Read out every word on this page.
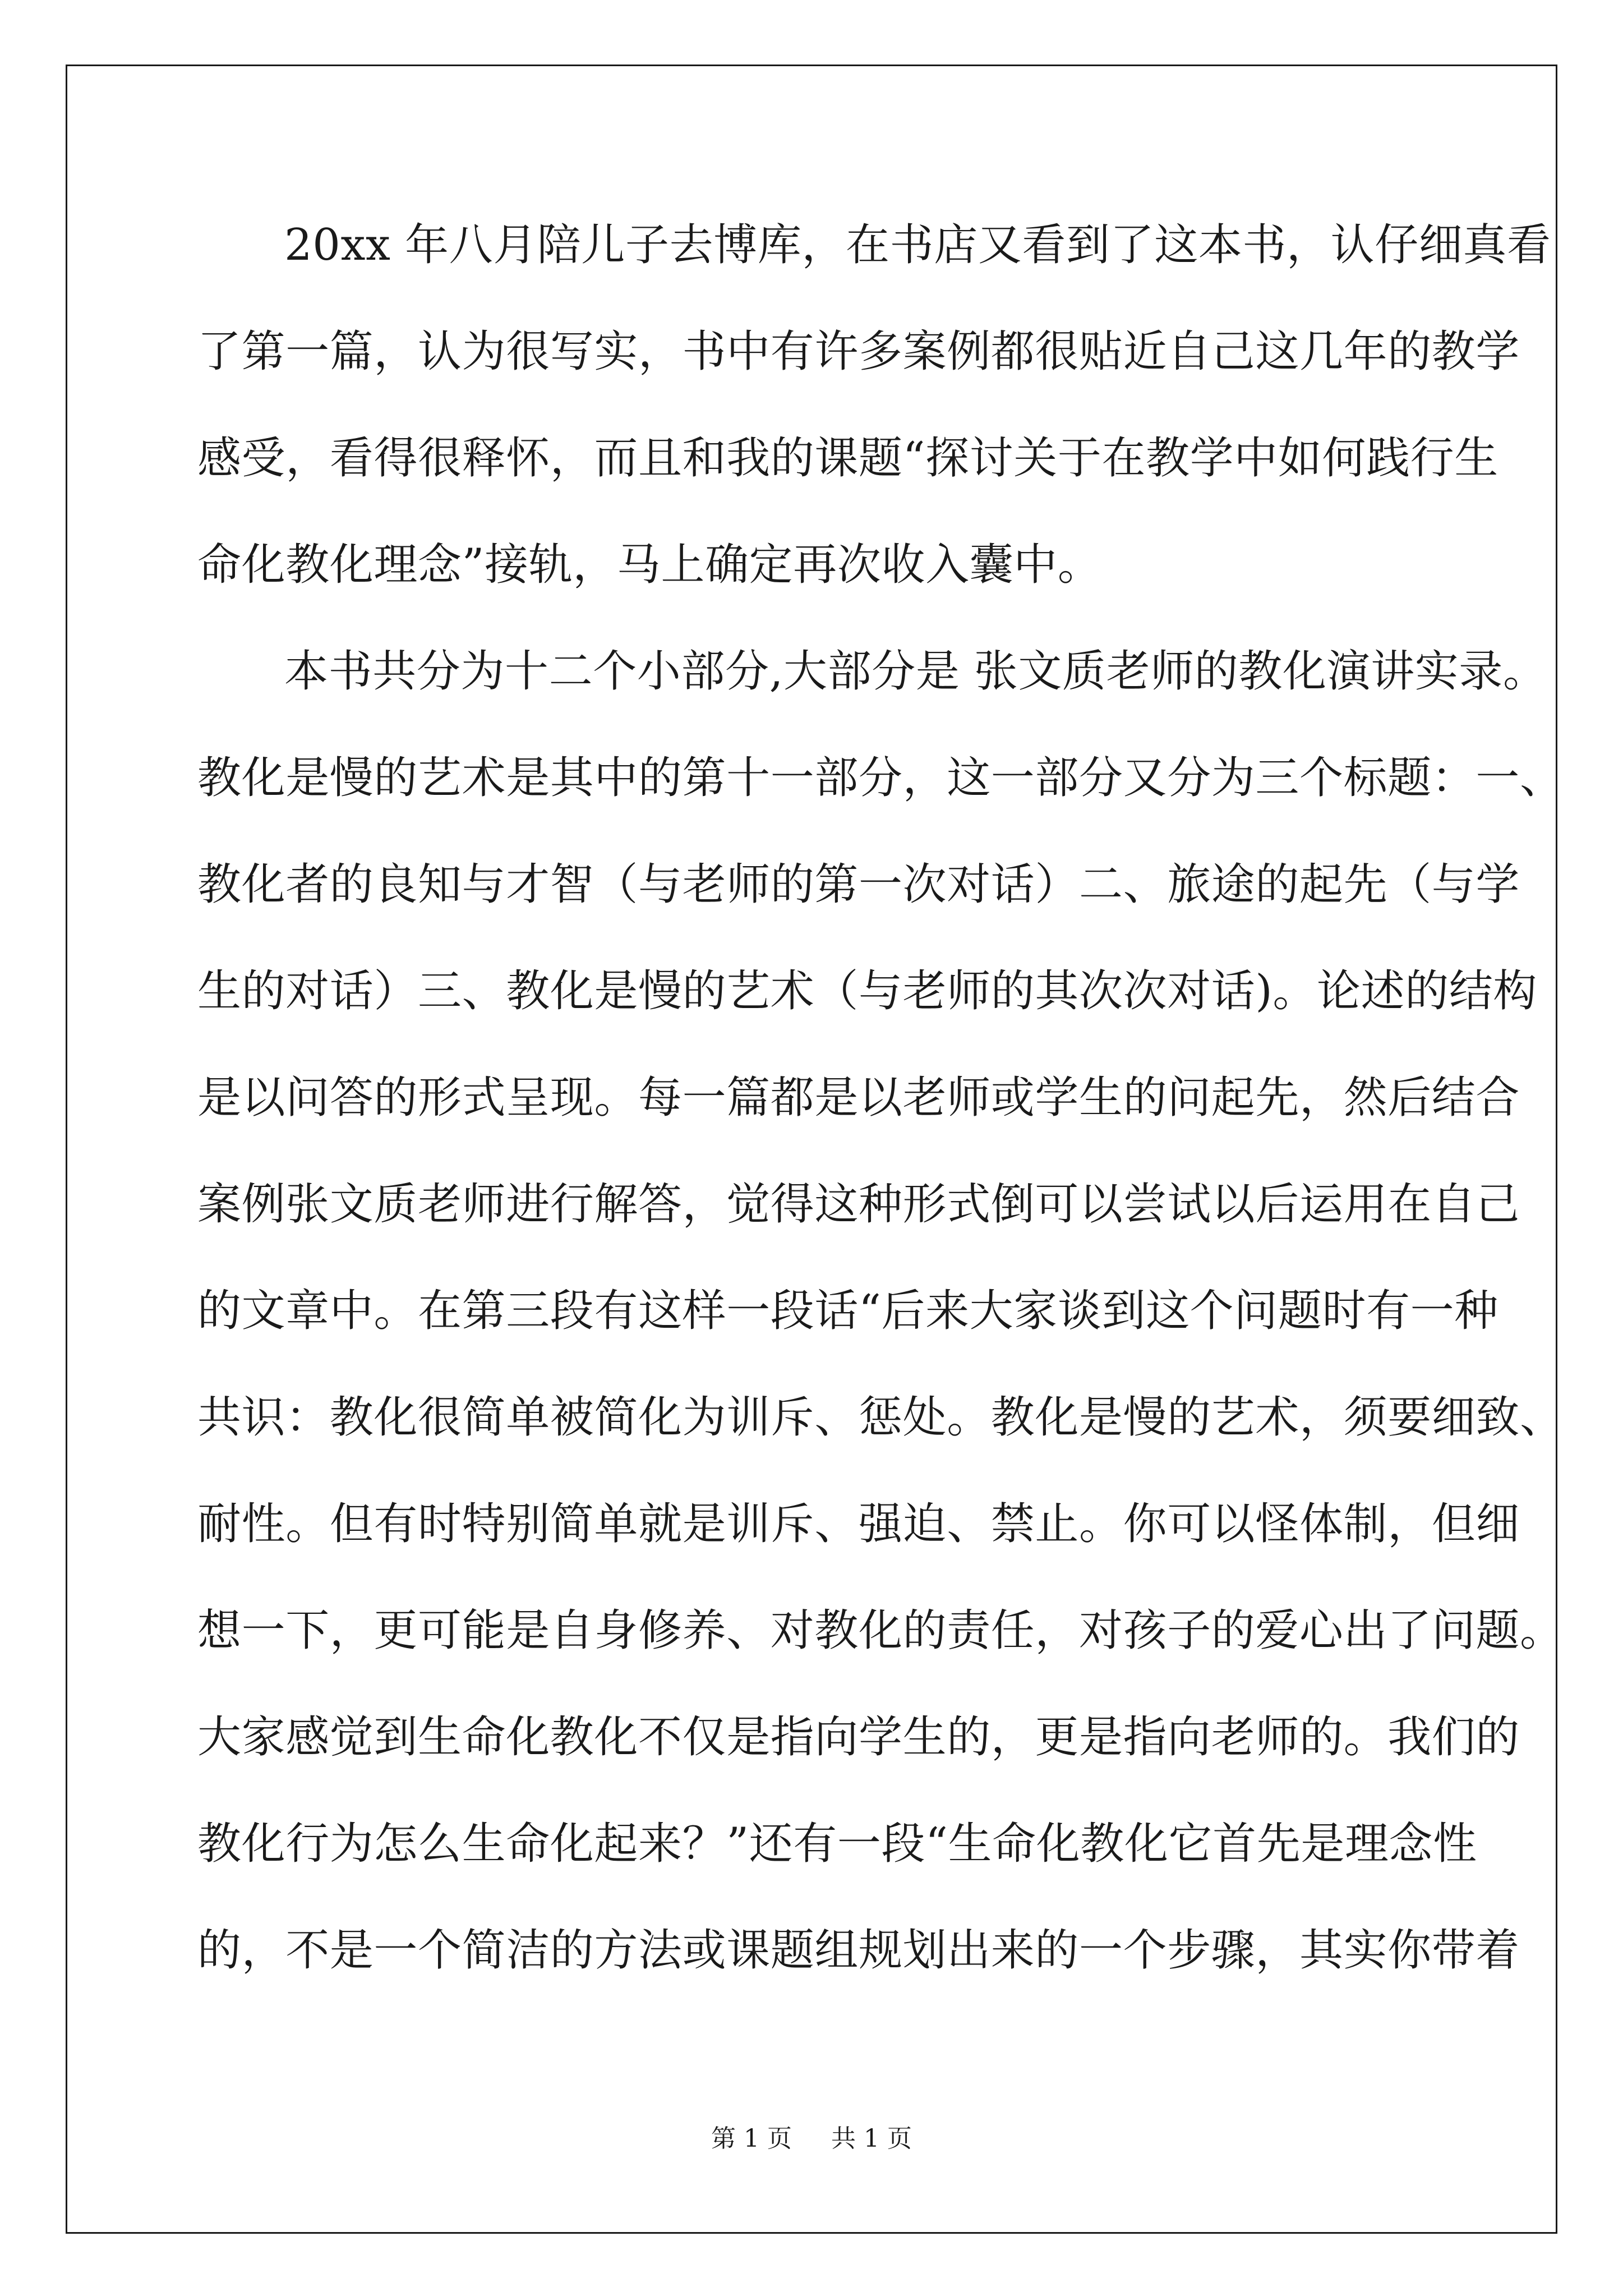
20xx 年八月陪儿子去博库，在书店又看到了这本书，认仔细真看
了第一篇，认为很写实，书中有许多案例都很贴近自己这几年的教学
感受，看得很释怀，而且和我的课题“探讨关于在教学中如何践行生
命化教化理念”接轨，马上确定再次收入囊中。
本书共分为十二个小部分,大部分是 张文质老师的教化演讲实录。
教化是慢的艺术是其中的第十一部分，这一部分又分为三个标题：一、
教化者的良知与才智（与老师的第一次对话）二、旅途的起先（与学
生的对话）三、教化是慢的艺术（与老师的其次次对话)。论述的结构
是以问答的形式呈现。每一篇都是以老师或学生的问起先，然后结合
案例张文质老师进行解答，觉得这种形式倒可以尝试以后运用在自己
的文章中。在第三段有这样一段话“后来大家谈到这个问题时有一种
共识：教化很简单被简化为训斥、惩处。教化是慢的艺术，须要细致、
耐性。但有时特别简单就是训斥、强迫、禁止。你可以怪体制，但细
想一下，更可能是自身修养、对教化的责任，对孩子的爱心出了问题。
大家感觉到生命化教化不仅是指向学生的，更是指向老师的。我们的
教化行为怎么生命化起来？”还有一段“生命化教化它首先是理念性
的，不是一个简洁的方法或课题组规划出来的一个步骤，其实你带着
第 1 页 共 1 页
